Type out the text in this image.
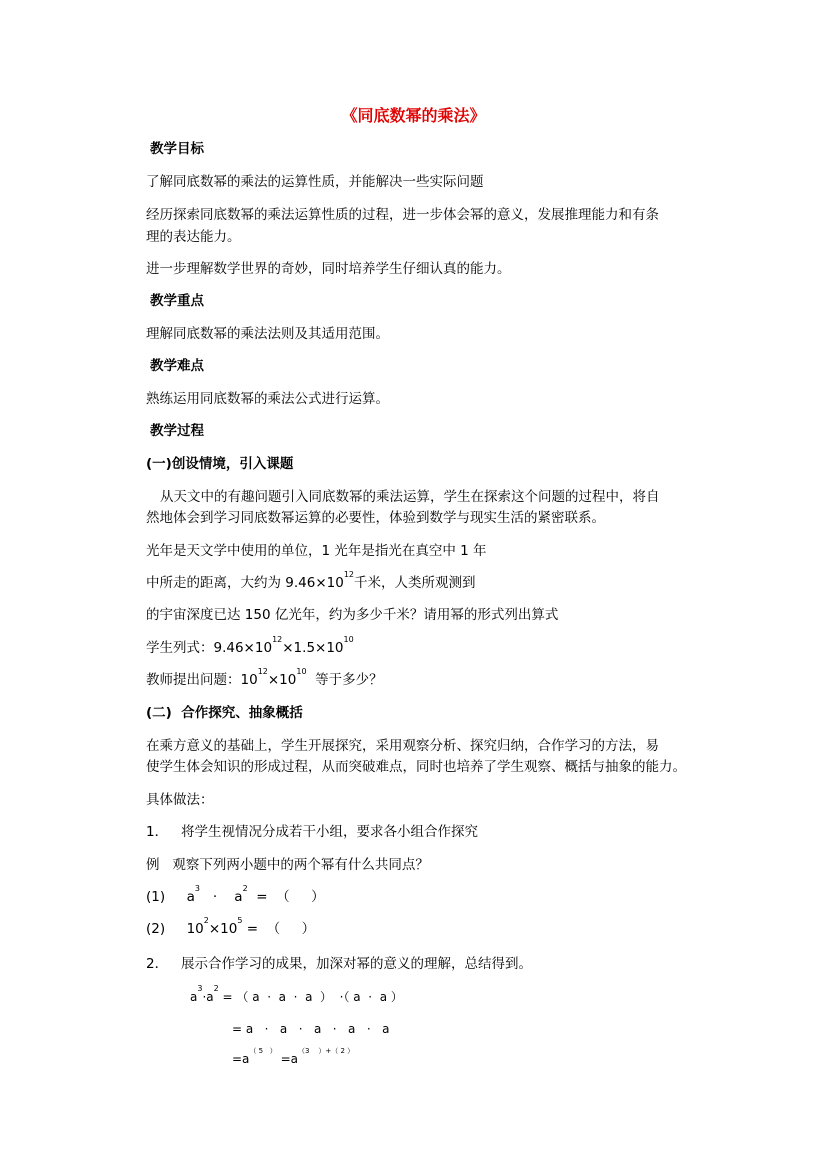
《同底数幂的乘法》
教学目标
了解同底数幂的乘法的运算性质，并能解决一些实际问题
经历探索同底数幂的乘法运算性质的过程，进一步体会幂的意义，发展推理能力和有条
理的表达能力。
进一步理解数学世界的奇妙，同时培养学生仔细认真的能力。
教学重点
理解同底数幂的乘法法则及其适用范围。
教学难点
熟练运用同底数幂的乘法公式进行运算。
教学过程
(一)创设情境，引入课题
从天文中的有趣问题引入同底数幂的乘法运算，学生在探索这个问题的过程中，将自
然地体会到学习同底数幂运算的必要性，体验到数学与现实生活的紧密联系。
光年是天文学中使用的单位，1 光年是指光在真空中 1 年
中所走的距离，大约为 $9.46\times 10^{12}$千米，人类所观测到
的宇宙深度已达 150 亿光年，约为多少千米？请用幂的形式列出算式
学生列式：$9.46\times 10^{12}\times 1.5\times 10^{10}$
教师提出问题：$10^{12}\times 10^{10}$  等于多少？
(二)  合作探究、抽象概括
在乘方意义的基础上，学生开展探究，采用观察分析、探究归纳，合作学习的方法，易
使学生体会知识的形成过程，从而突破难点，同时也培养了学生观察、概括与抽象的能力。
具体做法：
1．   将学生视情况分成若干小组，要求各小组合作探究
例   观察下列两小题中的两个幂有什么共同点？
(1)     $a^3$   ·    $a^2$  =  （     ）
(2)     $10^2\times 10^5$ =  （     ）
2．   展示合作学习的成果，加深对幂的意义的理解，总结得到。
$a^3\cdot a^2$ = （ a  ·  a  ·  a  ）  ·（ a  ·  a ）
= a   ·   a   ·   a   ·   a   ·   a
$=a^{( 5 )} =a^{(3 )+( 2 )}$
